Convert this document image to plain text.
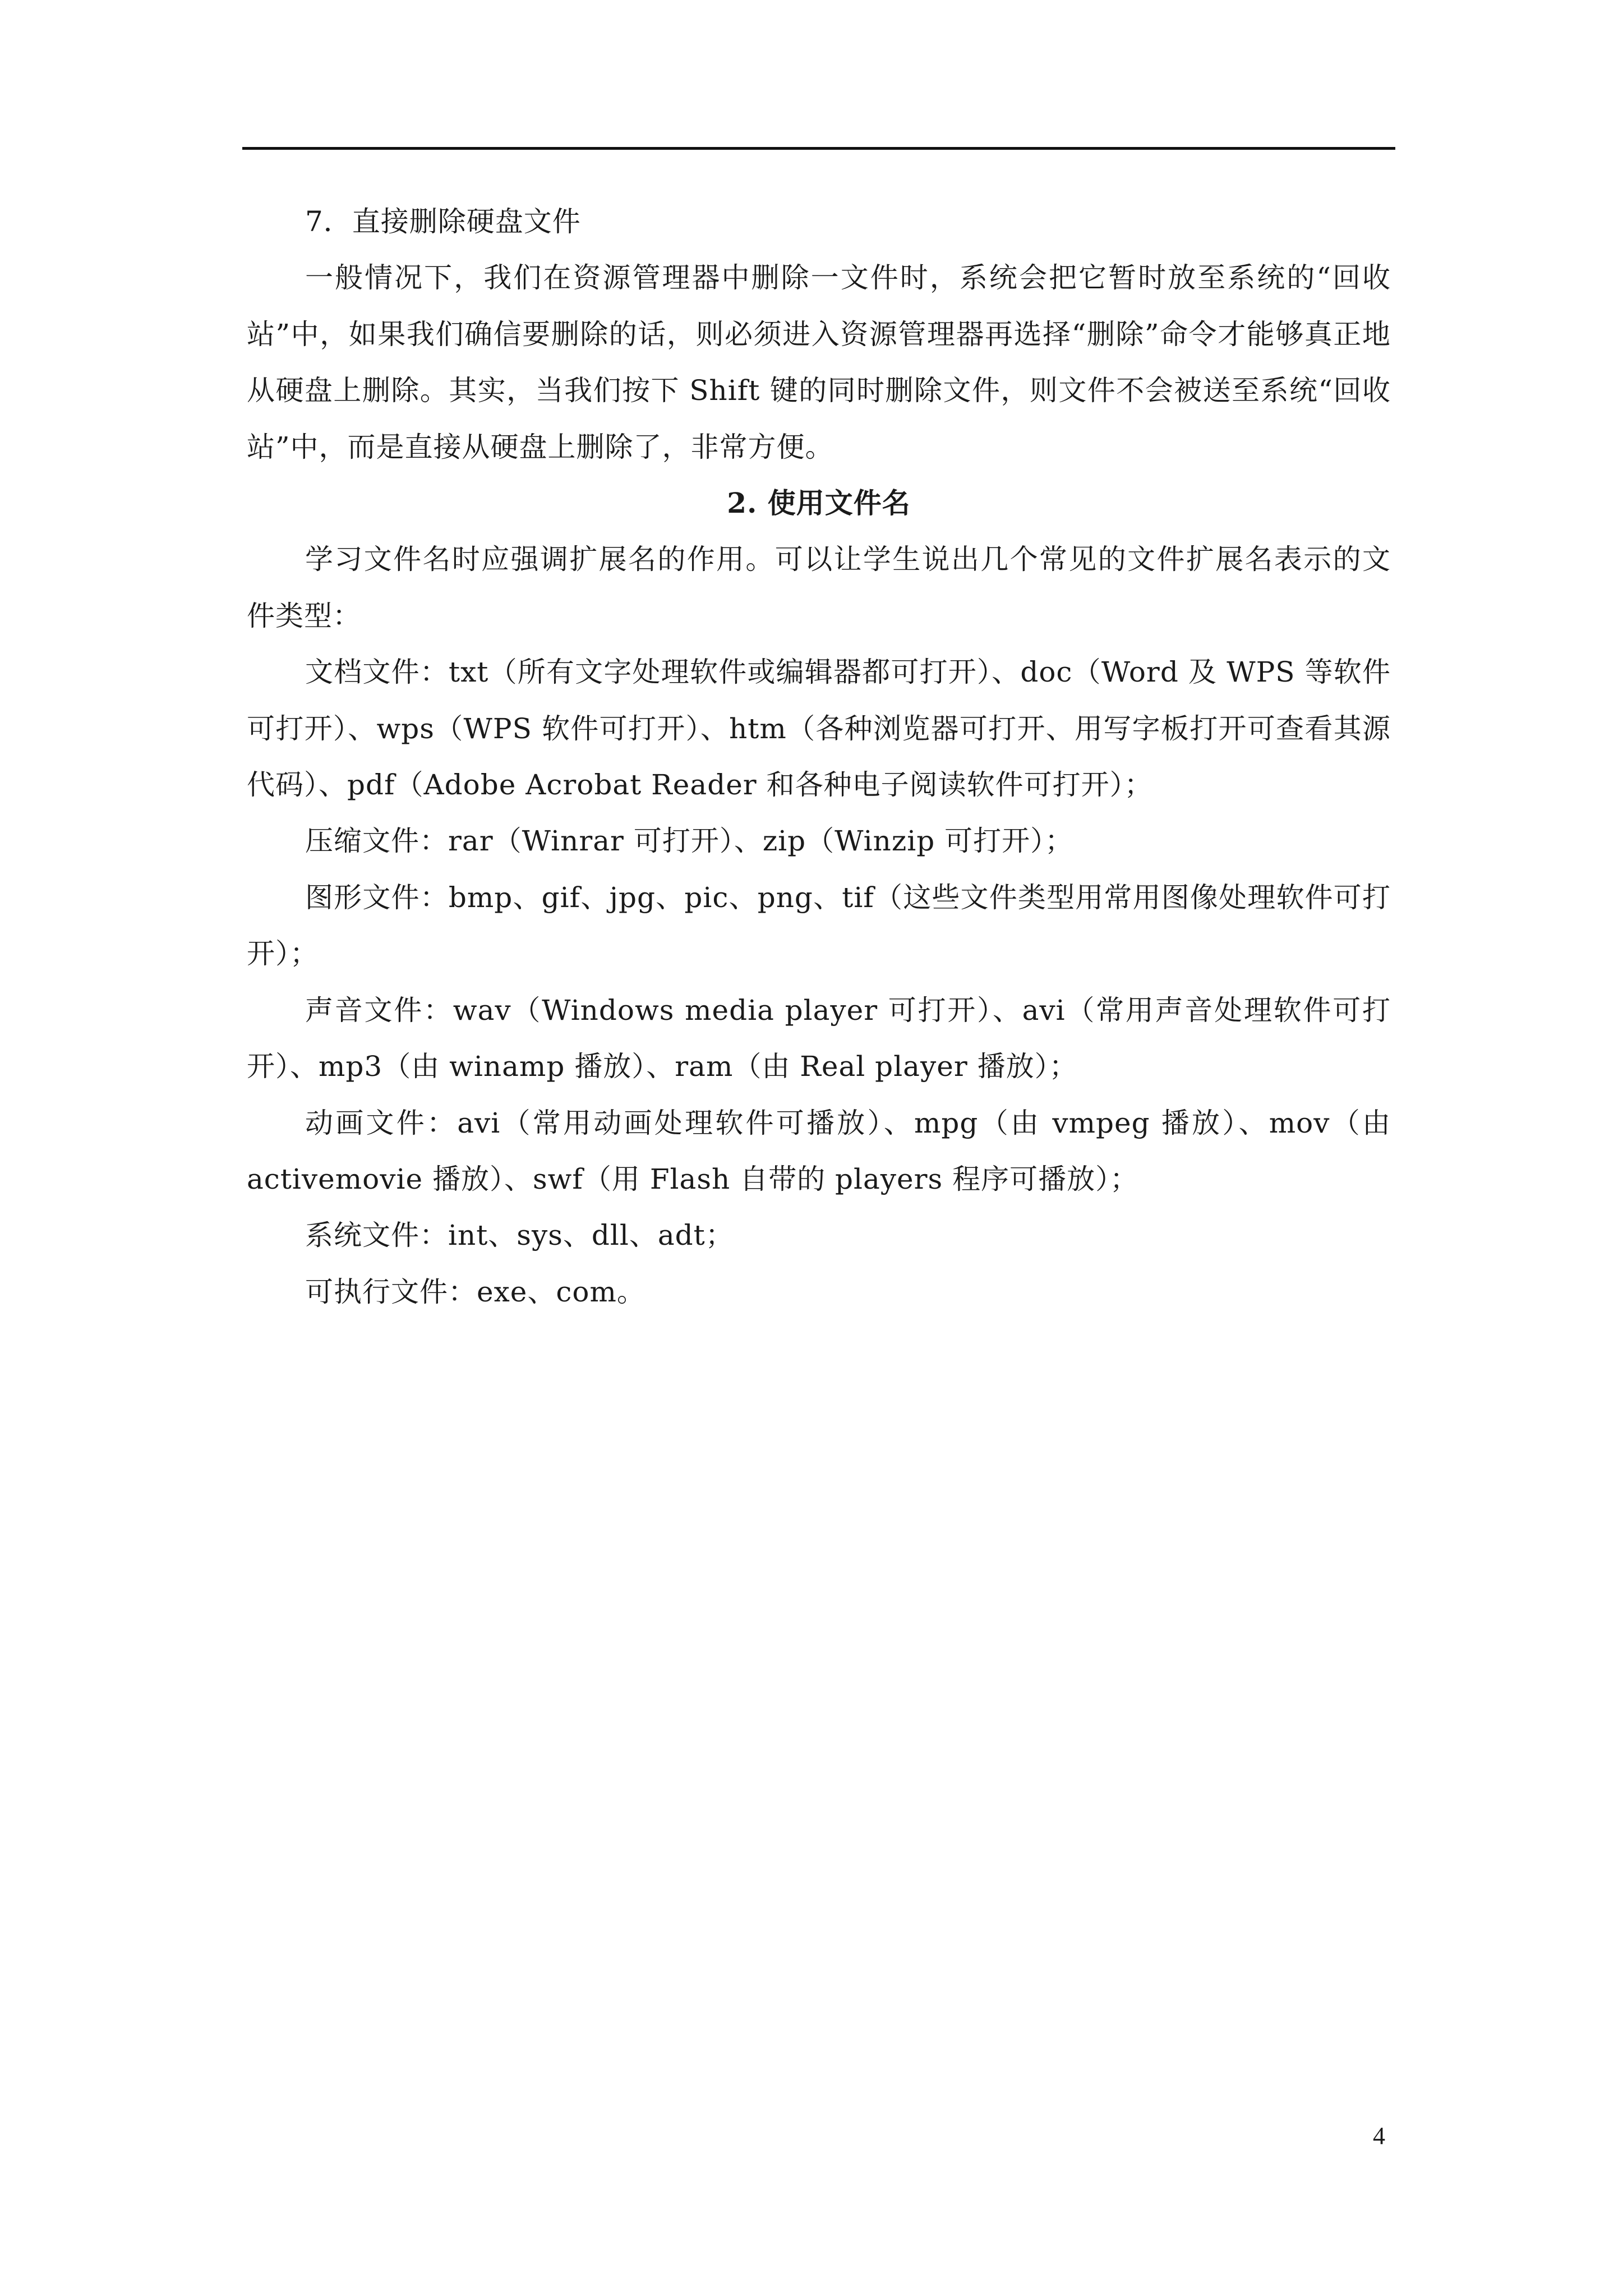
7．直接删除硬盘文件

一般情况下，我们在资源管理器中删除一文件时，系统会把它暂时放至系统的“回收站”中，如果我们确信要删除的话，则必须进入资源管理器再选择“删除”命令才能够真正地从硬盘上删除。其实，当我们按下 Shift 键的同时删除文件，则文件不会被送至系统“回收站”中，而是直接从硬盘上删除了，非常方便。

2. 使用文件名

学习文件名时应强调扩展名的作用。可以让学生说出几个常见的文件扩展名表示的文件类型：

文档文件：txt（所有文字处理软件或编辑器都可打开）、doc（Word 及 WPS 等软件可打开）、wps（WPS 软件可打开）、htm（各种浏览器可打开、用写字板打开可查看其源代码）、pdf（Adobe Acrobat Reader 和各种电子阅读软件可打开）；

压缩文件：rar（Winrar 可打开）、zip（Winzip 可打开）；

图形文件：bmp、gif、jpg、pic、png、tif（这些文件类型用常用图像处理软件可打开）；

声音文件：wav（Windows media player 可打开）、avi（常用声音处理软件可打开）、mp3（由 winamp 播放）、ram（由 Real player 播放）；

动画文件：avi（常用动画处理软件可播放）、mpg（由 vmpeg 播放）、mov（由 activemovie 播放）、swf（用 Flash 自带的 players 程序可播放）；

系统文件：int、sys、dll、adt；

可执行文件：exe、com。

4
